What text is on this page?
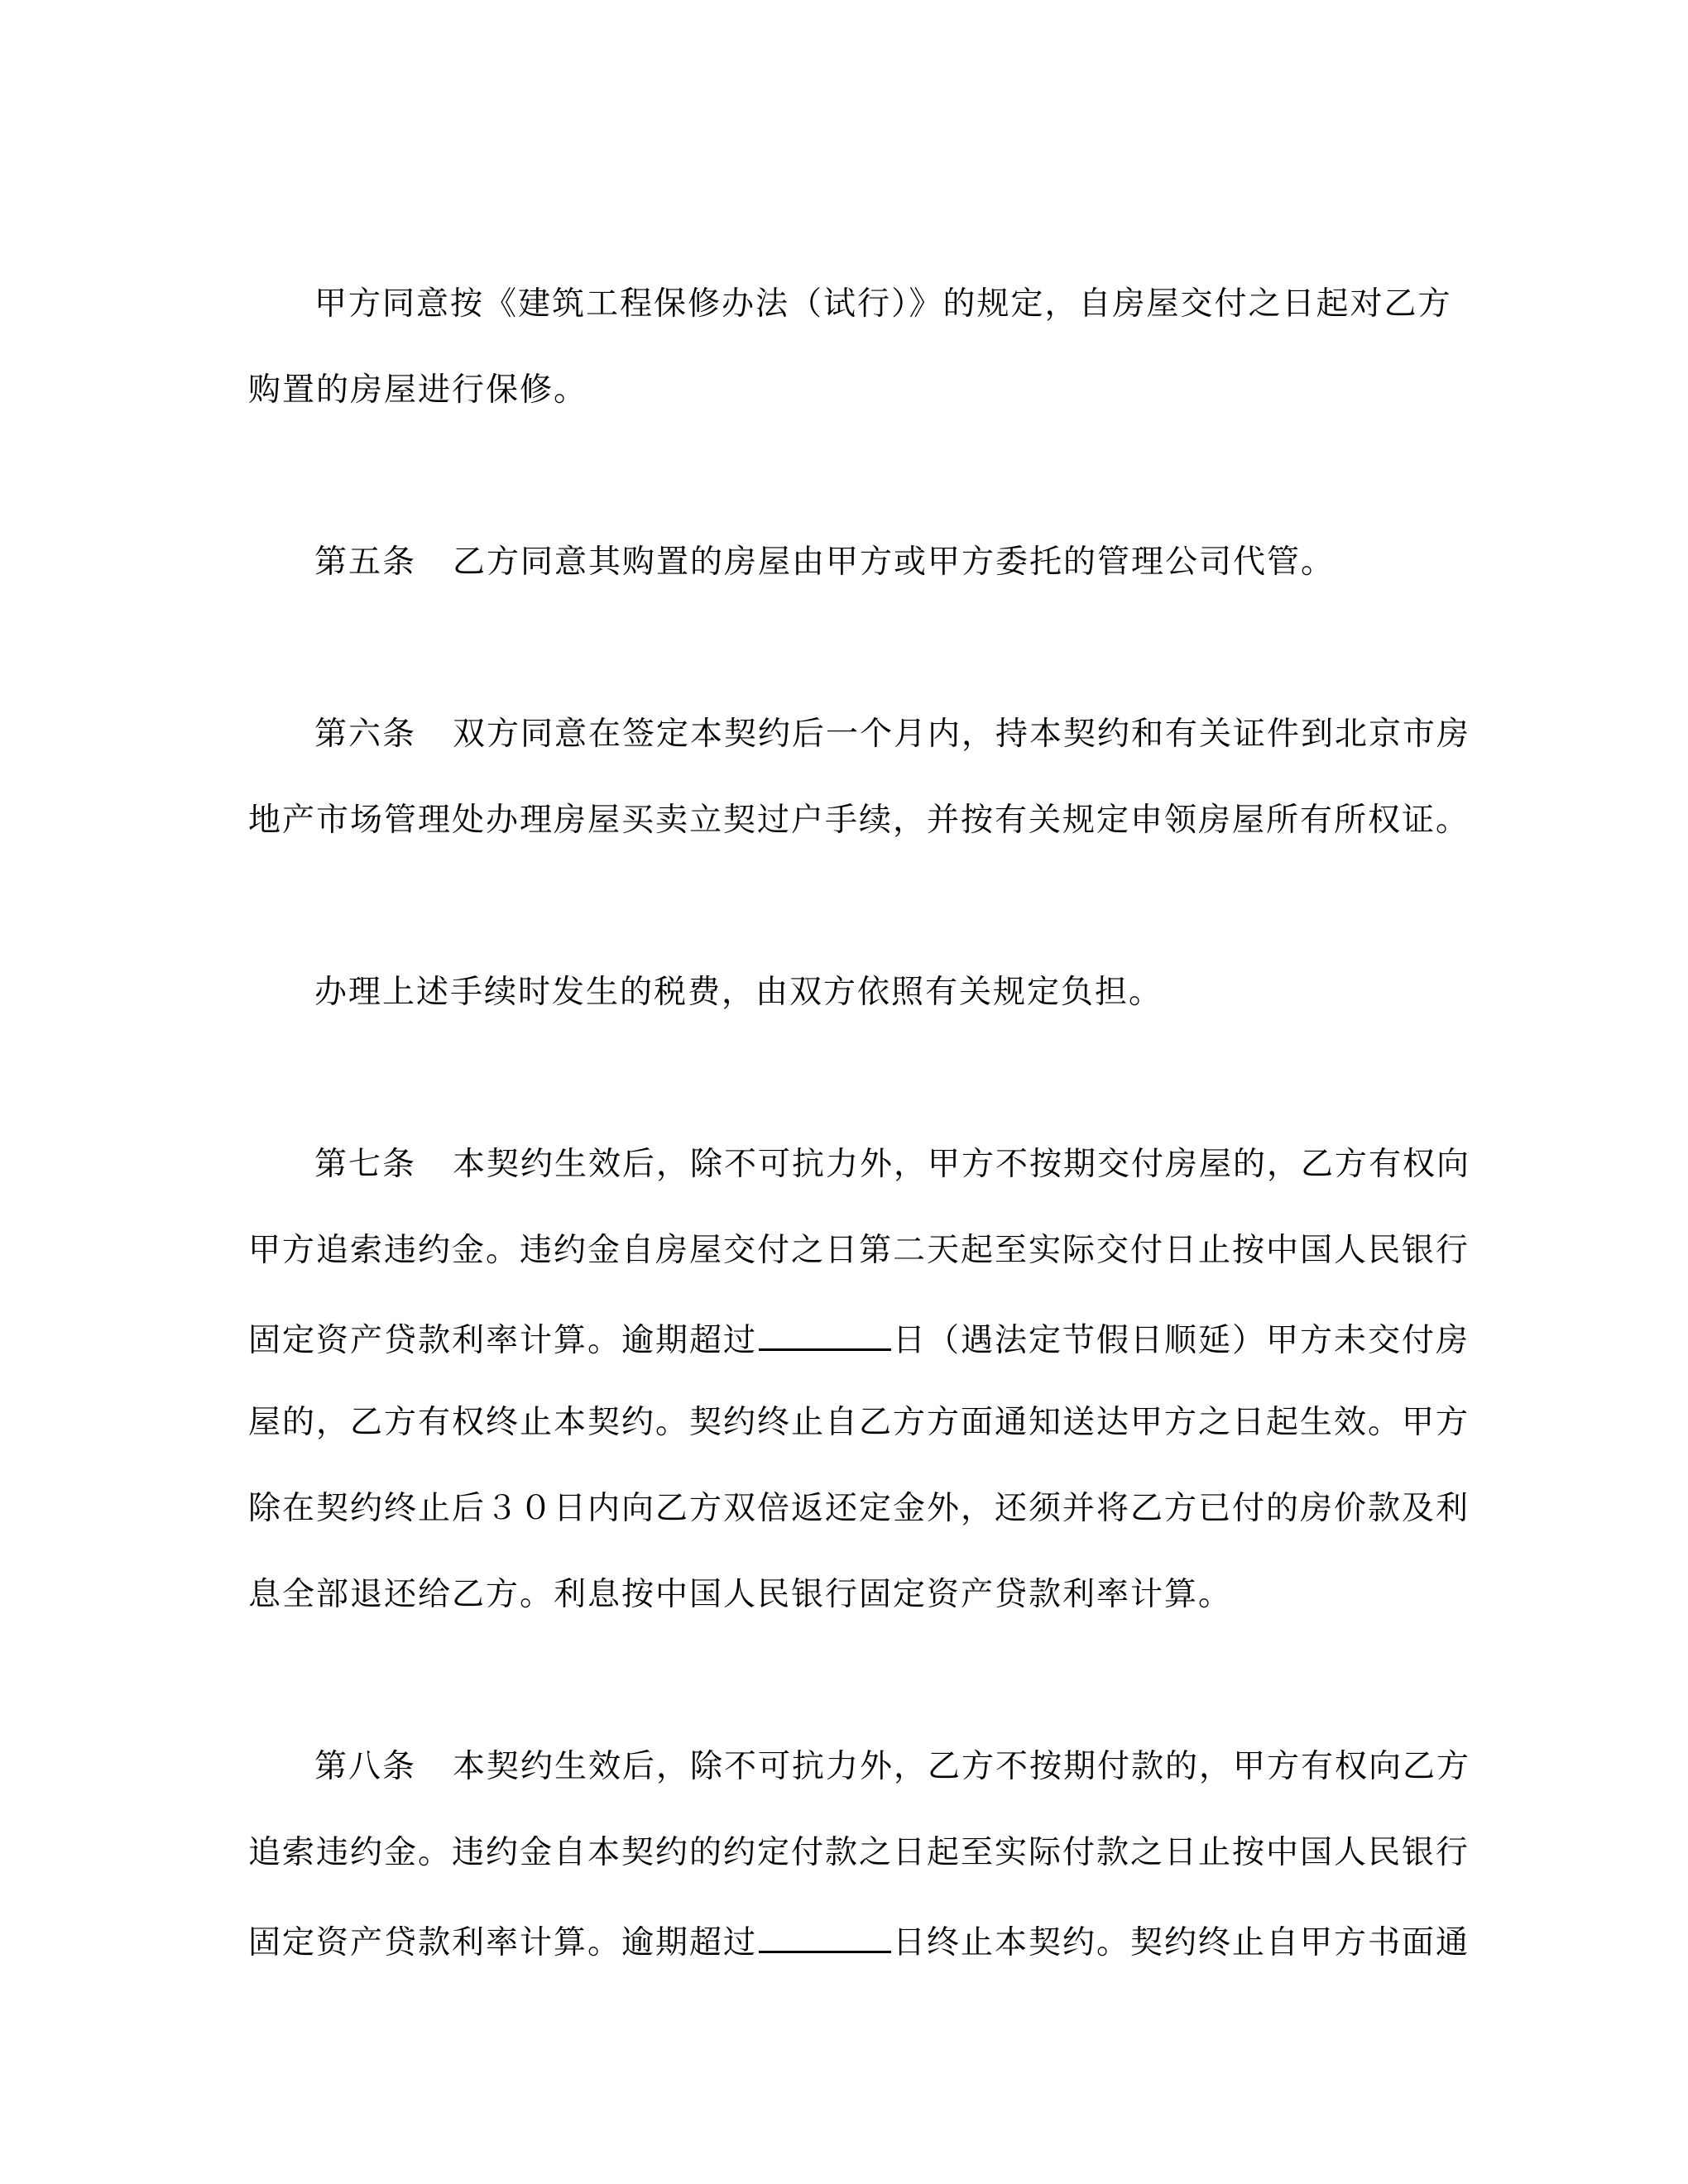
甲方同意按《建筑工程保修办法（试行）》的规定，自房屋交付之日起对乙方
购置的房屋进行保修。
第五条 乙方同意其购置的房屋由甲方或甲方委托的管理公司代管。
第六条 双方同意在签定本契约后一个月内，持本契约和有关证件到北京市房
地产市场管理处办理房屋买卖立契过户手续，并按有关规定申领房屋所有所权证。
办理上述手续时发生的税费，由双方依照有关规定负担。
第七条 本契约生效后，除不可抗力外，甲方不按期交付房屋的，乙方有权向
甲方追索违约金。违约金自房屋交付之日第二天起至实际交付日止按中国人民银行
固定资产贷款利率计算。逾期超过	日（遇法定节假日顺延）甲方未交付房
屋的，乙方有权终止本契约。契约终止自乙方方面通知送达甲方之日起生效。甲方
除在契约终止后３０日内向乙方双倍返还定金外，还须并将乙方已付的房价款及利
息全部退还给乙方。利息按中国人民银行固定资产贷款利率计算。
第八条 本契约生效后，除不可抗力外，乙方不按期付款的，甲方有权向乙方
追索违约金。违约金自本契约的约定付款之日起至实际付款之日止按中国人民银行
固定资产贷款利率计算。逾期超过	日终止本契约。契约终止自甲方书面通
